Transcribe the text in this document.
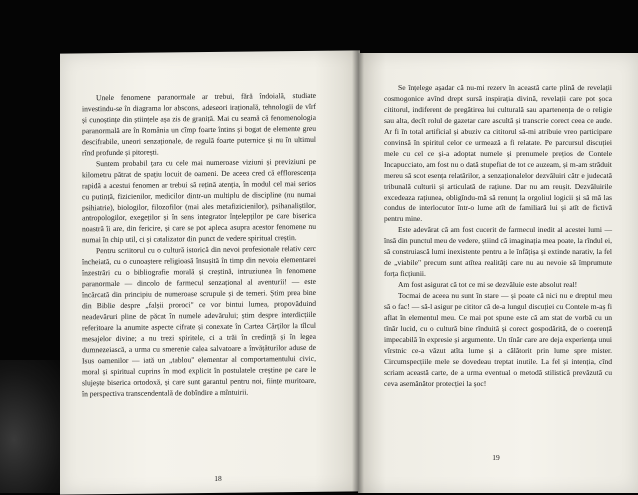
Unele fenomene paranormale ar trebui, fără îndoială, studiate investindu-se în diagrama lor abscons, adeseori irațională, tehnologii de vîrf și cunoștințe din științele așa zis de graniță. Mai cu seamă că fenomenologia paranormală are în România un cîmp foarte întins și bogat de elemente greu descifrabile, uneori senzaționale, de regulă foarte puternice și nu în ultimul rînd profunde și pitorești.

Suntem probabil țara cu cele mai numeroase viziuni și previziuni pe kilometru pătrat de spațiu locuit de oameni. De aceea cred că efflorescența rapidă a acestui fenomen ar trebui să rețină atenția, în modul cel mai serios cu putință, fizicienilor, medicilor dintr-un multiplu de discipline (nu numai psihiatrie), biologilor, filozofilor (mai ales metafizicienilor), psihanaliștilor, antropologilor, exegeților și în sens integrator înțelepților pe care biserica noastră îi are, din fericire, și care se pot apleca asupra acestor fenomene nu numai în chip util, ci și catalizator din punct de vedere spiritual creștin.

Pentru scriitorul cu o cultură istorică din nevoi profesionale relativ cerc încheiată, cu o cunoaștere religioasă însușită în timp din nevoia elementarei înzestrări cu o bibliografie morală și creștină, intruziunea în fenomene paranormale — dincolo de farmecul senzațional al aventurii! — este încărcată din principiu de numeroase scrupule și de temeri. Știm prea bine din Biblie despre „falșii proroci" ce vor bintui lumea, propovăduind neadevăruri pline de păcat în numele adevărului; știm despre interdicțiile referitoare la anumite aspecte cifrate și conexate în Cartea Cărților la tîlcul mesajelor divine; a nu trezi spiritele, ci a trăi în credință și în legea dumnezeiască, a urma cu smerenie calea salvatoare a învățăturilor aduse de Isus oamenilor — iată un „tablou" elementar al comportamentului civic, moral și spiritual cuprins în mod explicit în postulatele creștine pe care le slujește biserica ortodoxă, și care sunt garantul pentru noi, ființe muritoare, în perspectiva transcendentală de dobîndire a mîntuirii.

18

Se înțelege așadar că nu-mi rezerv în această carte plină de revelații cosmogonice avînd drept sursă inspirația divină, revelații care pot șoca cititorul, indiferent de pregătirea lui culturală sau apartenența de o religie sau alta, decît rolul de gazetar care ascultă și transcrie corect ceea ce aude. Ar fi în total artificial și abuziv ca cititorul să-mi atribuie vreo participare convinsă în spiritul celor ce urmează a fi relatate. Pe parcursul discuției mele cu cel ce și-a adoptat numele și prenumele prețios de Contele Incapucciato, am fost nu o dată stupefiat de tot ce auzeam, și m-am străduit mereu să scot esența relatărilor, a senzaționalelor dezvăluiri cătr e judecată tribunală culturii și articulată de rațiune. Dar nu am reușit. Dezvăluirile excedeaza rațiunea, obligîndu-mă să renunț la orgoliul logicii și să mă las condus de interlocutor într-o lume atît de familiară lui și atît de fictivă pentru mine.

Este adevărat că am fost cucerit de farmecul inedit al acestei lumi — însă din punctul meu de vedere, știind că imaginația mea poate, la rîndul ei, să construiască lumi inexistente pentru a le înfățișa și extinde narativ, la fel de „viabile" precum sunt atîtea realități care nu au nevoie să împrumute forța ficțiunii.

Am fost asigurat că tot ce mi se dezvăluie este absolut real!

Tocmai de aceea nu sunt în stare — și poate că nici nu e dreptul meu să o fac! — să-l asigur pe cititor că de-a lungul discuției cu Contele m-aș fi aflat în elementul meu. Ce mai pot spune este că am stat de vorbă cu un tînăr lucid, cu o cultură bine rînduită și corect gospodărită, de o coerență impecabilă în expresie și argumente. Un tînăr care are deja experiența unui vîrstnic ce-a văzut atîta lume și a călătorit prin lume spre mister. Circumspecțiile mele se dovedeau treptat inutile. La fel și intenția, cînd scriam această carte, de a urma eventual o metodă stilistică prevăzută cu ceva asemănător protecției la șoc!

19
